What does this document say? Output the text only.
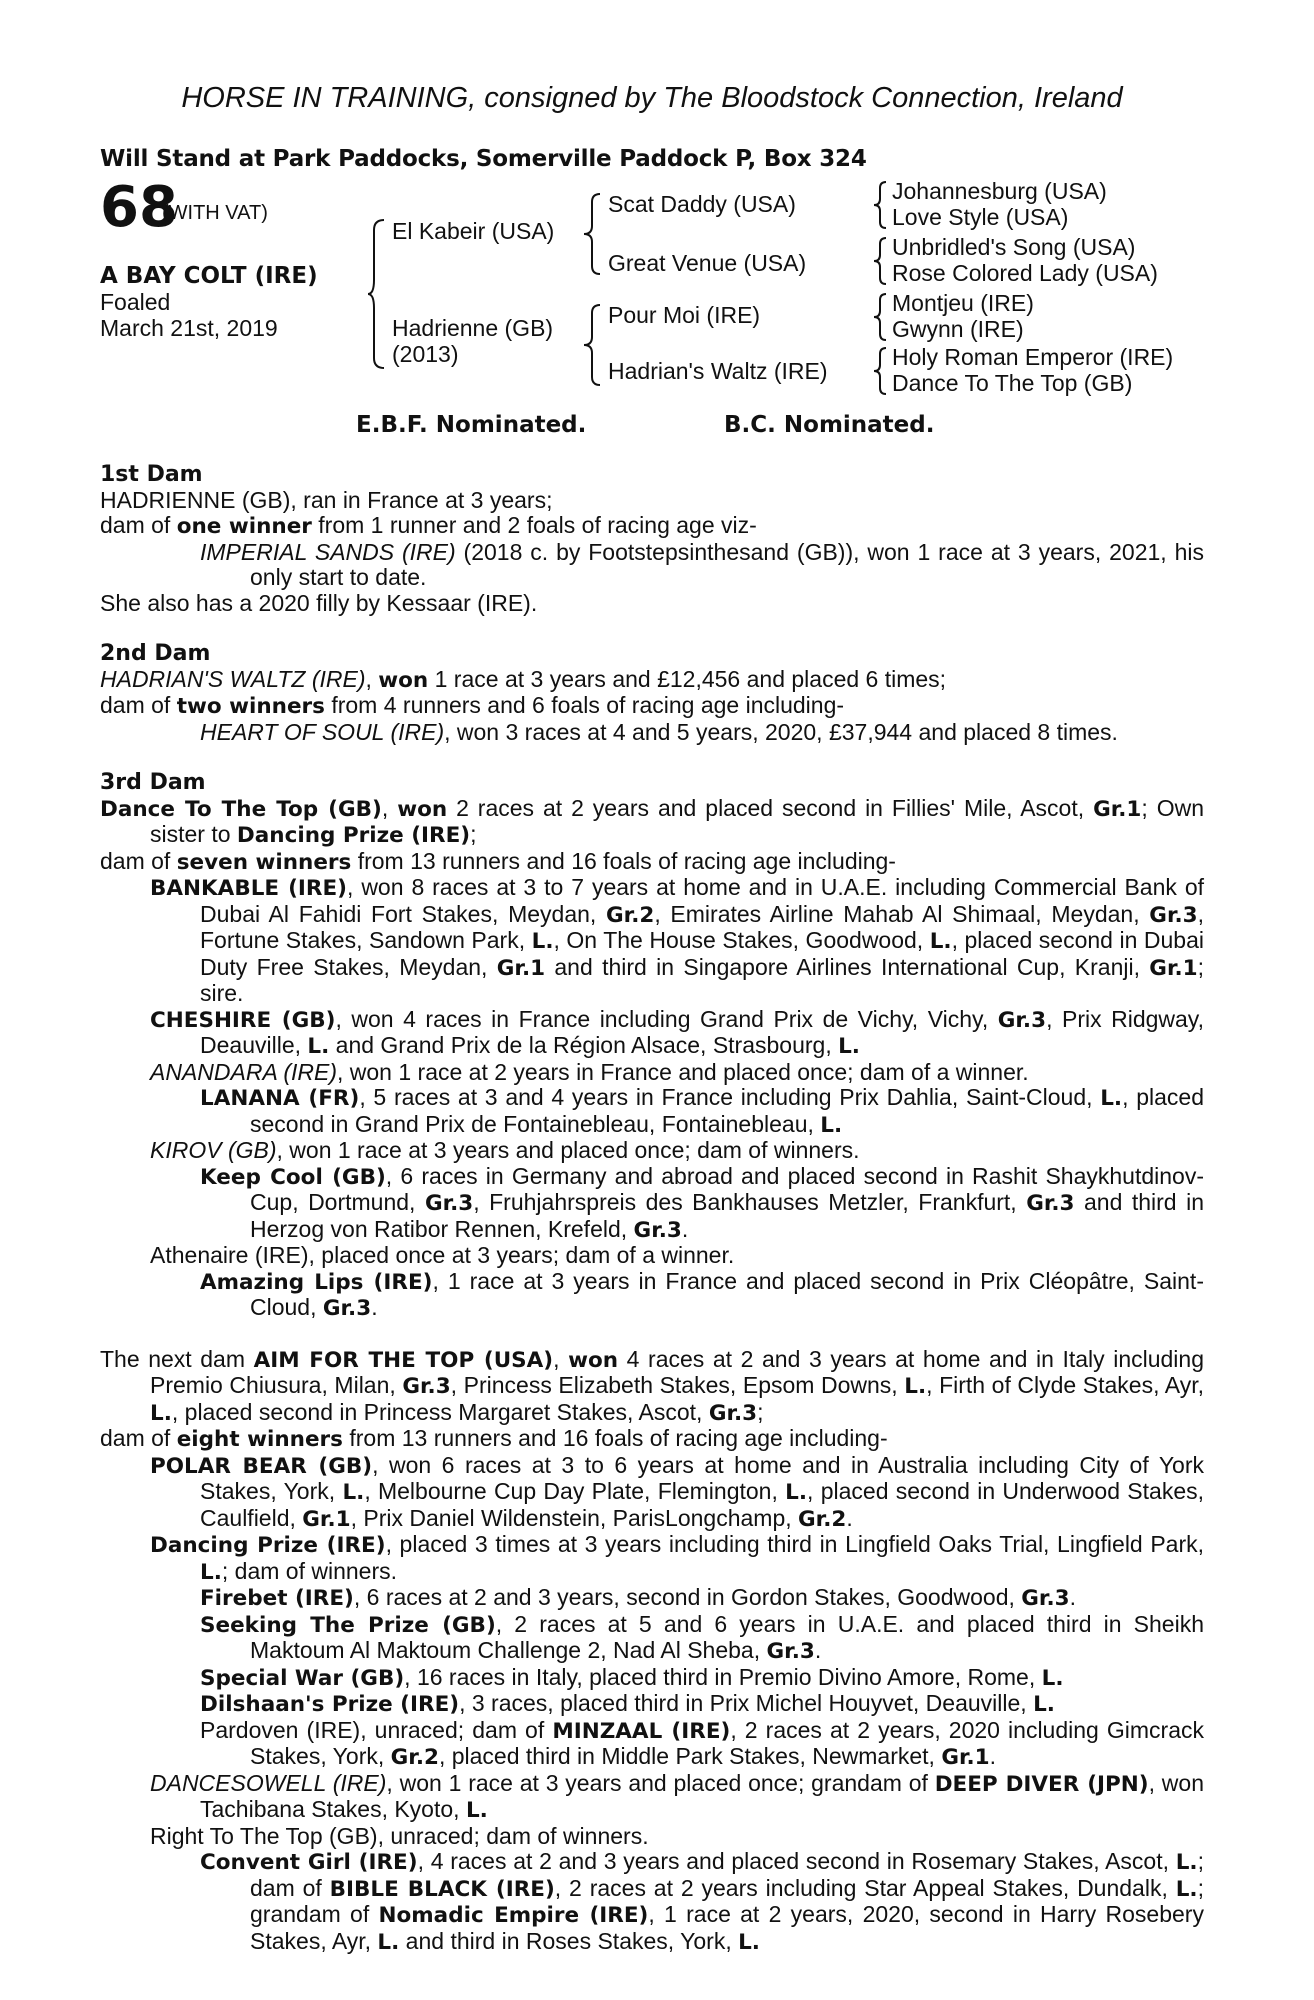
HORSE IN TRAINING, consigned by The Bloodstock Connection, Ireland
Will Stand at Park Paddocks, Somerville Paddock P, Box 324
68
(WITH VAT)
A BAY COLT (IRE)
Foaled
March 21st, 2019
El Kabeir (USA)
Hadrienne (GB)
(2013)
Scat Daddy (USA)
Great Venue (USA)
Pour Moi (IRE)
Hadrian's Waltz (IRE)
Johannesburg (USA)
Love Style (USA)
Unbridled's Song (USA)
Rose Colored Lady (USA)
Montjeu (IRE)
Gwynn (IRE)
Holy Roman Emperor (IRE)
Dance To The Top (GB)
E.B.F. Nominated.	B.C. Nominated.

1st Dam

HADRIENNE (GB), ran in France at 3 years;

dam of one winner from 1 runner and 2 foals of racing age viz-

IMPERIAL SANDS (IRE) (2018 c. by Footstepsinthesand (GB)), won 1 race at 3 years, 2021, his only start to date.

She also has a 2020 filly by Kessaar (IRE).

2nd Dam

HADRIAN'S WALTZ (IRE), won 1 race at 3 years and £12,456 and placed 6 times;

dam of two winners from 4 runners and 6 foals of racing age including-

HEART OF SOUL (IRE), won 3 races at 4 and 5 years, 2020, £37,944 and placed 8 times.

3rd Dam

Dance To The Top (GB), won 2 races at 2 years and placed second in Fillies' Mile, Ascot, Gr.1; Own sister to Dancing Prize (IRE);

dam of seven winners from 13 runners and 16 foals of racing age including-

BANKABLE (IRE), won 8 races at 3 to 7 years at home and in U.A.E. including Commercial Bank of Dubai Al Fahidi Fort Stakes, Meydan, Gr.2, Emirates Airline Mahab Al Shimaal, Meydan, Gr.3, Fortune Stakes, Sandown Park, L., On The House Stakes, Goodwood, L., placed second in Dubai Duty Free Stakes, Meydan, Gr.1 and third in Singapore Airlines International Cup, Kranji, Gr.1; sire.

CHESHIRE (GB), won 4 races in France including Grand Prix de Vichy, Vichy, Gr.3, Prix Ridgway, Deauville, L. and Grand Prix de la Région Alsace, Strasbourg, L.

ANANDARA (IRE), won 1 race at 2 years in France and placed once; dam of a winner.

LANANA (FR), 5 races at 3 and 4 years in France including Prix Dahlia, Saint-Cloud, L., placed second in Grand Prix de Fontainebleau, Fontainebleau, L.

KIROV (GB), won 1 race at 3 years and placed once; dam of winners.

Keep Cool (GB), 6 races in Germany and abroad and placed second in Rashit Shaykhutdinov-Cup, Dortmund, Gr.3, Fruhjahrspreis des Bankhauses Metzler, Frankfurt, Gr.3 and third in Herzog von Ratibor Rennen, Krefeld, Gr.3.

Athenaire (IRE), placed once at 3 years; dam of a winner.

Amazing Lips (IRE), 1 race at 3 years in France and placed second in Prix Cléopâtre, Saint-Cloud, Gr.3.

The next dam AIM FOR THE TOP (USA), won 4 races at 2 and 3 years at home and in Italy including Premio Chiusura, Milan, Gr.3, Princess Elizabeth Stakes, Epsom Downs, L., Firth of Clyde Stakes, Ayr, L., placed second in Princess Margaret Stakes, Ascot, Gr.3;

dam of eight winners from 13 runners and 16 foals of racing age including-

POLAR BEAR (GB), won 6 races at 3 to 6 years at home and in Australia including City of York Stakes, York, L., Melbourne Cup Day Plate, Flemington, L., placed second in Underwood Stakes, Caulfield, Gr.1, Prix Daniel Wildenstein, ParisLongchamp, Gr.2.

Dancing Prize (IRE), placed 3 times at 3 years including third in Lingfield Oaks Trial, Lingfield Park, L.; dam of winners.

Firebet (IRE), 6 races at 2 and 3 years, second in Gordon Stakes, Goodwood, Gr.3.

Seeking The Prize (GB), 2 races at 5 and 6 years in U.A.E. and placed third in Sheikh Maktoum Al Maktoum Challenge 2, Nad Al Sheba, Gr.3.

Special War (GB), 16 races in Italy, placed third in Premio Divino Amore, Rome, L.

Dilshaan's Prize (IRE), 3 races, placed third in Prix Michel Houyvet, Deauville, L.

Pardoven (IRE), unraced; dam of MINZAAL (IRE), 2 races at 2 years, 2020 including Gimcrack Stakes, York, Gr.2, placed third in Middle Park Stakes, Newmarket, Gr.1.

DANCESOWELL (IRE), won 1 race at 3 years and placed once; grandam of DEEP DIVER (JPN), won Tachibana Stakes, Kyoto, L.

Right To The Top (GB), unraced; dam of winners.

Convent Girl (IRE), 4 races at 2 and 3 years and placed second in Rosemary Stakes, Ascot, L.; dam of BIBLE BLACK (IRE), 2 races at 2 years including Star Appeal Stakes, Dundalk, L.; grandam of Nomadic Empire (IRE), 1 race at 2 years, 2020, second in Harry Rosebery Stakes, Ayr, L. and third in Roses Stakes, York, L.
